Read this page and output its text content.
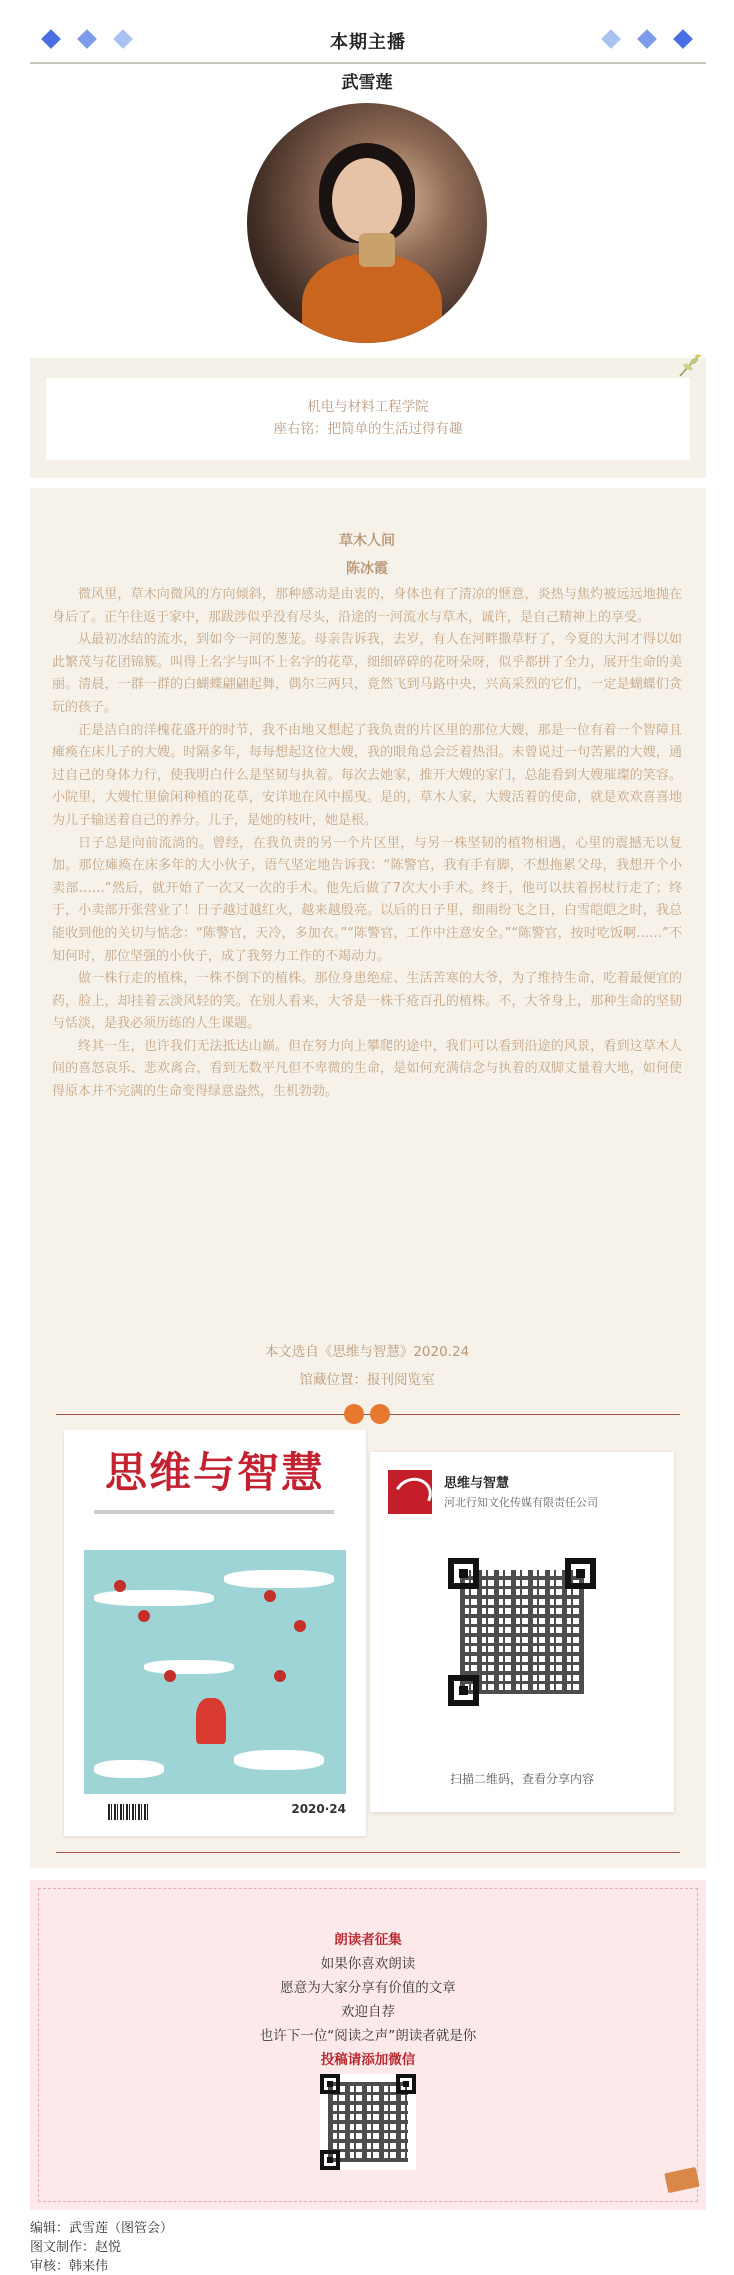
本期主播
武雪莲
机电与材料工程学院
座右铭：把简单的生活过得有趣
草木人间
陈冰霞

微风里，草木向微风的方向倾斜，那种感动是由衷的，身体也有了清凉的惬意，炎热与焦灼被远远地抛在身后了。正午往返于家中，那跋涉似乎没有尽头，沿途的一河流水与草木，诚许，是自己精神上的享受。

从最初冰结的流水，到如今一河的葱茏。母亲告诉我，去岁，有人在河畔撒草籽了，今夏的大河才得以如此繁茂与花团锦簇。叫得上名字与叫不上名字的花草，细细碎碎的花呀朵呀，似乎都拼了全力，展开生命的美丽。清晨，一群一群的白蝴蝶翩翩起舞，偶尔三两只，竟然飞到马路中央，兴高采烈的它们，一定是蝴蝶们贪玩的孩子。

正是洁白的洋槐花盛开的时节，我不由地又想起了我负责的片区里的那位大嫂，那是一位有着一个智障且瘫痪在床儿子的大嫂。时隔多年，每每想起这位大嫂，我的眼角总会泛着热泪。未曾说过一句苦累的大嫂，通过自己的身体力行，使我明白什么是坚韧与执着。每次去她家，推开大嫂的家门，总能看到大嫂璀璨的笑容。小院里，大嫂忙里偷闲种植的花草，安详地在风中摇曳。是的，草木人家，大嫂活着的使命，就是欢欢喜喜地为儿子输送着自己的养分。儿子，是她的枝叶，她是根。

日子总是向前流淌的。曾经，在我负责的另一个片区里，与另一株坚韧的植物相遇，心里的震撼无以复加。那位瘫痪在床多年的大小伙子，语气坚定地告诉我：“陈警官，我有手有脚，不想拖累父母，我想开个小卖部……”然后，就开始了一次又一次的手术。他先后做了7次大小手术。终于，他可以扶着拐杖行走了；终于，小卖部开张营业了！日子越过越红火，越来越殷亮。以后的日子里，细雨纷飞之日，白雪皑皑之时，我总能收到他的关切与惦念：“陈警官，天冷，多加衣。”“陈警官，工作中注意安全。”“陈警官，按时吃饭啊……”不知何时，那位坚强的小伙子，成了我努力工作的不竭动力。

做一株行走的植株，一株不倒下的植株。那位身患绝症、生活苦寒的大爷，为了维持生命，吃着最便宜的药，脸上，却挂着云淡风轻的笑。在别人看来，大爷是一株千疮百孔的植株。不，大爷身上，那种生命的坚韧与恬淡，是我必须历练的人生课题。

终其一生，也许我们无法抵达山巅。但在努力向上攀爬的途中，我们可以看到沿途的风景，看到这草木人间的喜怒哀乐、悲欢离合，看到无数平凡但不卑微的生命，是如何充满信念与执着的双脚丈量着大地，如何使得原本并不完满的生命变得绿意盎然，生机勃勃。

本文选自《思维与智慧》2020.24
馆藏位置：报刊阅览室
思维与智慧
2020·24
思维与智慧
河北行知文化传媒有限责任公司
扫描二维码，查看分享内容
朗读者征集
如果你喜欢朗读
愿意为大家分享有价值的文章
欢迎自荐
也许下一位“阅读之声”朗读者就是你
投稿请添加微信
编辑：武雪莲（图管会）
图文制作：赵悦
审核：韩来伟
